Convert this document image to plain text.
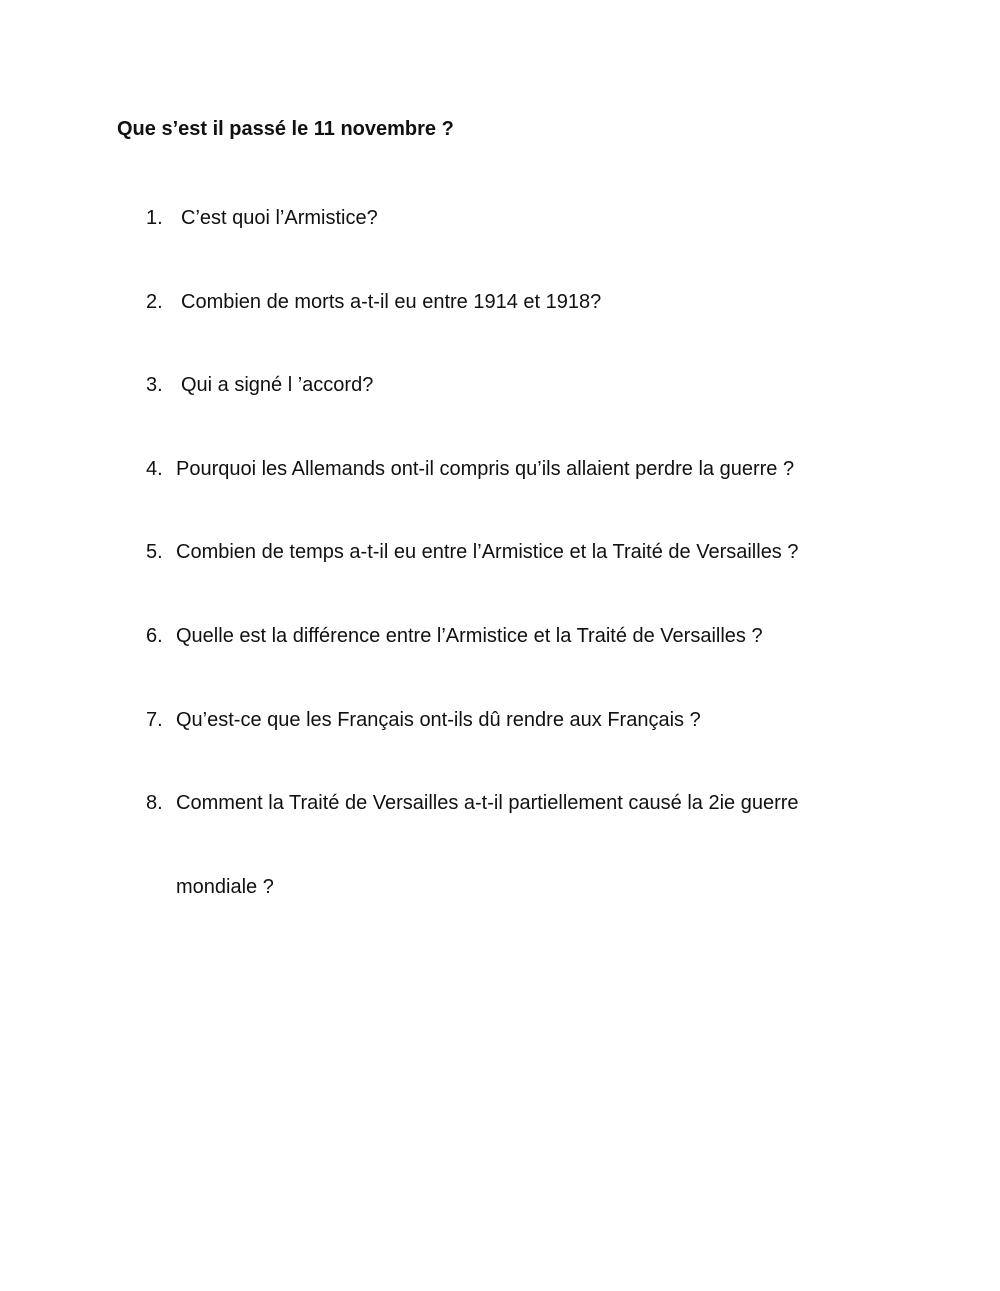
Que s’est il passé le 11 novembre ?
1. C’est quoi l’Armistice?
2. Combien de morts a-t-il eu entre 1914 et 1918?
3. Qui a signé l ’accord?
4. Pourquoi les Allemands ont-il compris qu’ils allaient perdre la guerre ?
5. Combien de temps a-t-il eu entre l’Armistice et la Traité de Versailles ?
6. Quelle est la différence entre l’Armistice et la Traité de Versailles ?
7. Qu’est-ce que les Français ont-ils dû rendre aux Français ?
8. Comment la Traité de Versailles a-t-il partiellement causé la 2ie guerre
mondiale ?
